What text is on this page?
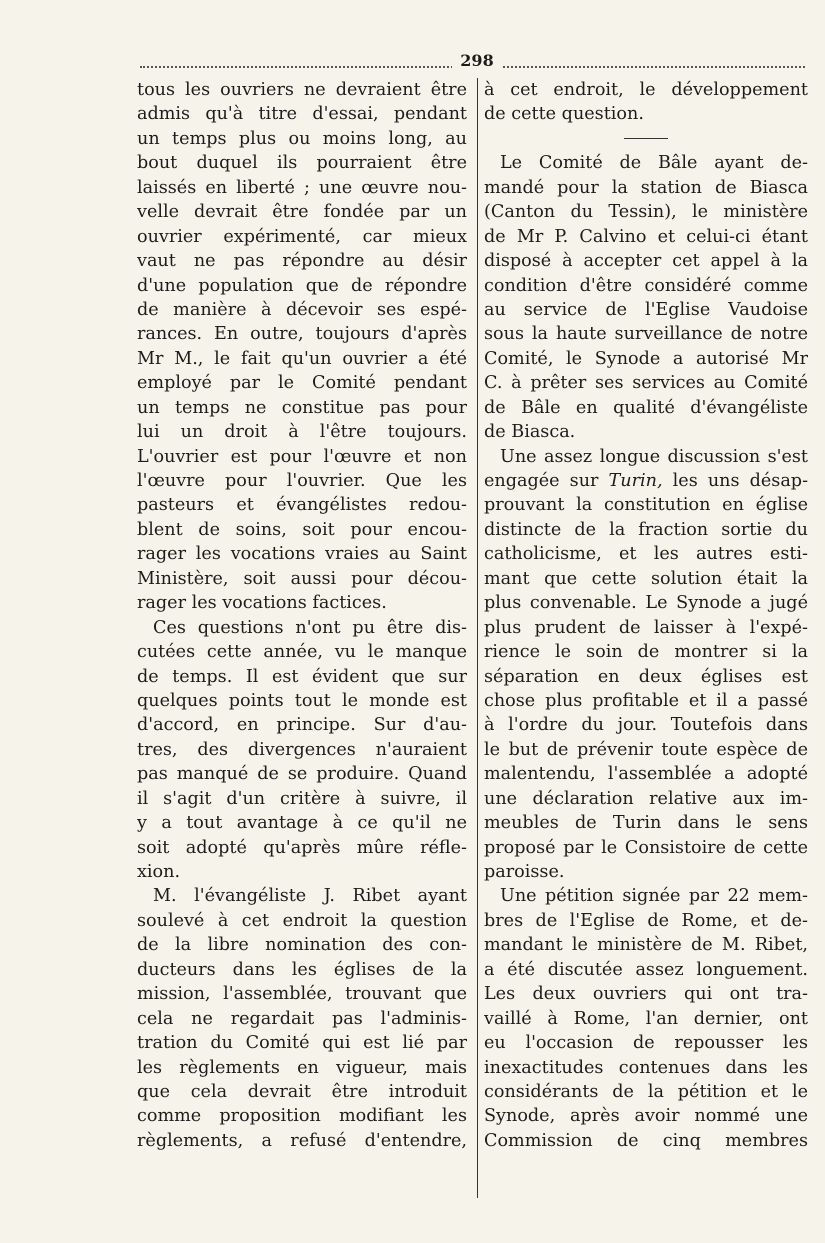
298
tous les ouvriers ne devraient être
admis qu'à titre d'essai, pendant
un temps plus ou moins long, au
bout duquel ils pourraient être
laissés en liberté ; une œuvre nou-
velle devrait être fondée par un
ouvrier expérimenté, car mieux
vaut ne pas répondre au désir
d'une population que de répondre
de manière à décevoir ses espé-
rances. En outre, toujours d'après
Mr M., le fait qu'un ouvrier a été
employé par le Comité pendant
un temps ne constitue pas pour
lui un droit à l'être toujours.
L'ouvrier est pour l'œuvre et non
l'œuvre pour l'ouvrier. Que les
pasteurs et évangélistes redou-
blent de soins, soit pour encou-
rager les vocations vraies au Saint
Ministère, soit aussi pour décou-
rager les vocations factices.
Ces questions n'ont pu être dis-
cutées cette année, vu le manque
de temps. Il est évident que sur
quelques points tout le monde est
d'accord, en principe. Sur d'au-
tres, des divergences n'auraient
pas manqué de se produire. Quand
il s'agit d'un critère à suivre, il
y a tout avantage à ce qu'il ne
soit adopté qu'après mûre réfle-
xion.
M. l'évangéliste J. Ribet ayant
soulevé à cet endroit la question
de la libre nomination des con-
ducteurs dans les églises de la
mission, l'assemblée, trouvant que
cela ne regardait pas l'adminis-
tration du Comité qui est lié par
les règlements en vigueur, mais
que cela devrait être introduit
comme proposition modifiant les
règlements, a refusé d'entendre,
à cet endroit, le développement
de cette question.
Le Comité de Bâle ayant de-
mandé pour la station de Biasca
(Canton du Tessin), le ministère
de Mr P. Calvino et celui-ci étant
disposé à accepter cet appel à la
condition d'être considéré comme
au service de l'Eglise Vaudoise
sous la haute surveillance de notre
Comité, le Synode a autorisé Mr
C. à prêter ses services au Comité
de Bâle en qualité d'évangéliste
de Biasca.
Une assez longue discussion s'est
engagée sur Turin, les uns désap-
prouvant la constitution en église
distincte de la fraction sortie du
catholicisme, et les autres esti-
mant que cette solution était la
plus convenable. Le Synode a jugé
plus prudent de laisser à l'expé-
rience le soin de montrer si la
séparation en deux églises est
chose plus profitable et il a passé
à l'ordre du jour. Toutefois dans
le but de prévenir toute espèce de
malentendu, l'assemblée a adopté
une déclaration relative aux im-
meubles de Turin dans le sens
proposé par le Consistoire de cette
paroisse.
Une pétition signée par 22 mem-
bres de l'Eglise de Rome, et de-
mandant le ministère de M. Ribet,
a été discutée assez longuement.
Les deux ouvriers qui ont tra-
vaillé à Rome, l'an dernier, ont
eu l'occasion de repousser les
inexactitudes contenues dans les
considérants de la pétition et le
Synode, après avoir nommé une
Commission de cinq membres
